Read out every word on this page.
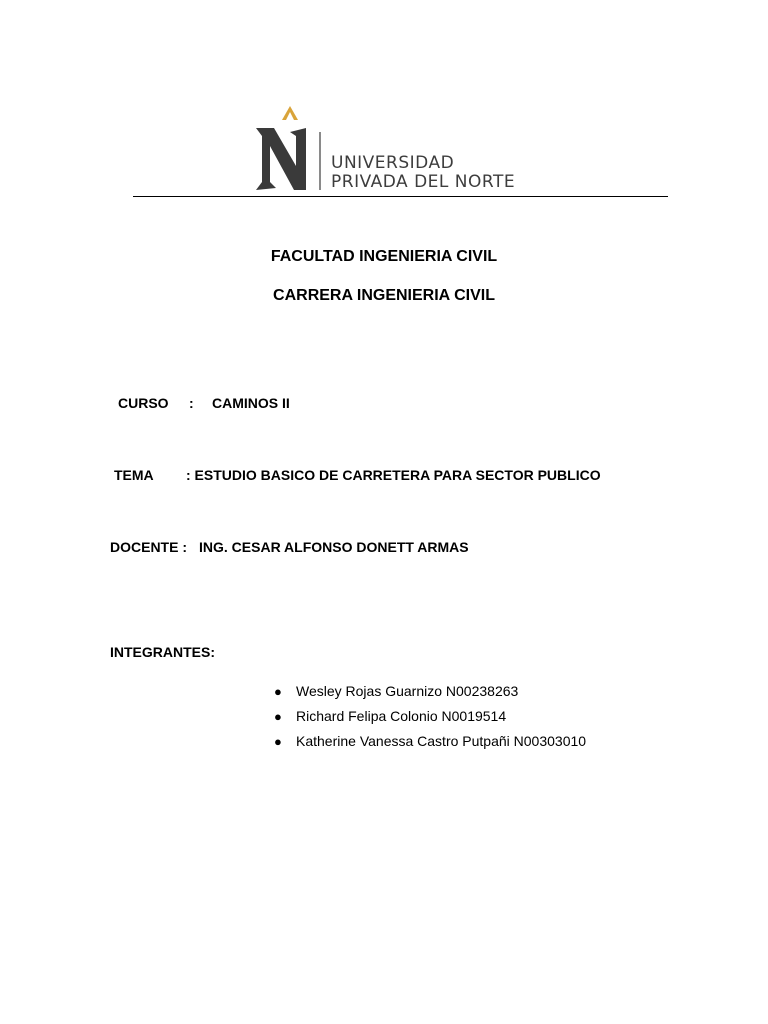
UNIVERSIDAD
PRIVADA DEL NORTE
FACULTAD INGENIERIA CIVIL
CARRERA INGENIERIA CIVIL
CURSO : CAMINOS II
TEMA : ESTUDIO BASICO DE CARRETERA PARA SECTOR PUBLICO
DOCENTE : ING. CESAR ALFONSO DONETT ARMAS
INTEGRANTES:
● Wesley Rojas Guarnizo N00238263
● Richard Felipa Colonio N0019514
● Katherine Vanessa Castro Putpañi N00303010
